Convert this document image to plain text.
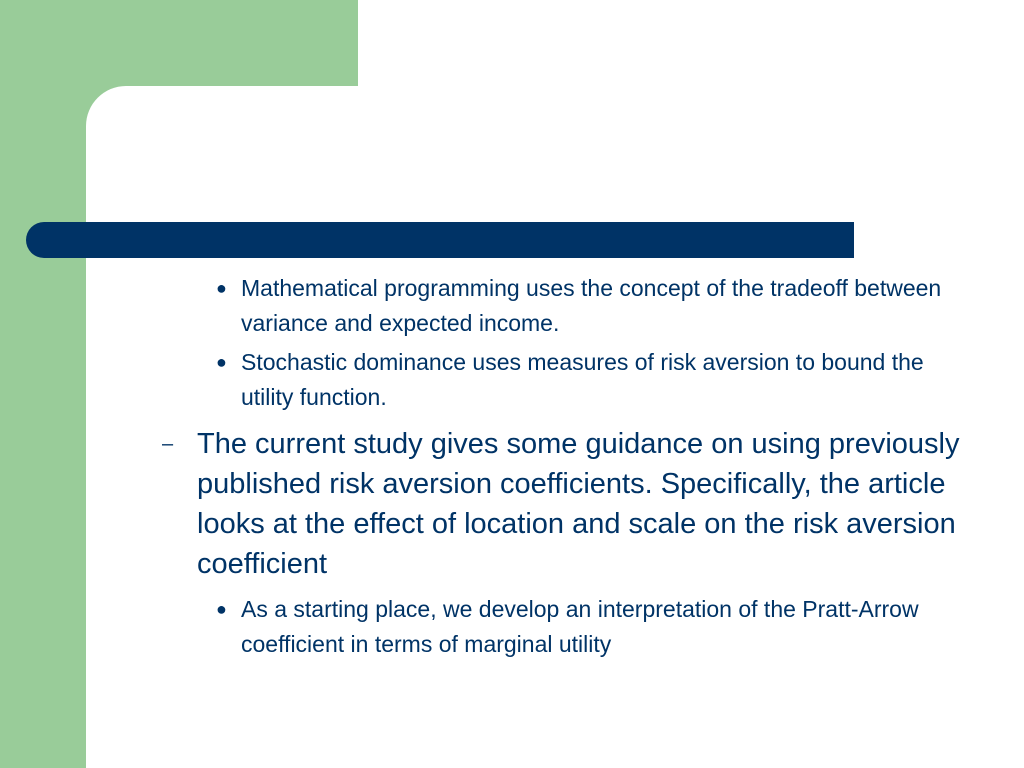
● Mathematical programming uses the concept of the tradeoff between variance and expected income.
● Stochastic dominance uses measures of risk aversion to bound the utility function.
– The current study gives some guidance on using previously published risk aversion coefficients. Specifically, the article looks at the effect of location and scale on the risk aversion coefficient
● As a starting place, we develop an interpretation of the Pratt-Arrow coefficient in terms of marginal utility
